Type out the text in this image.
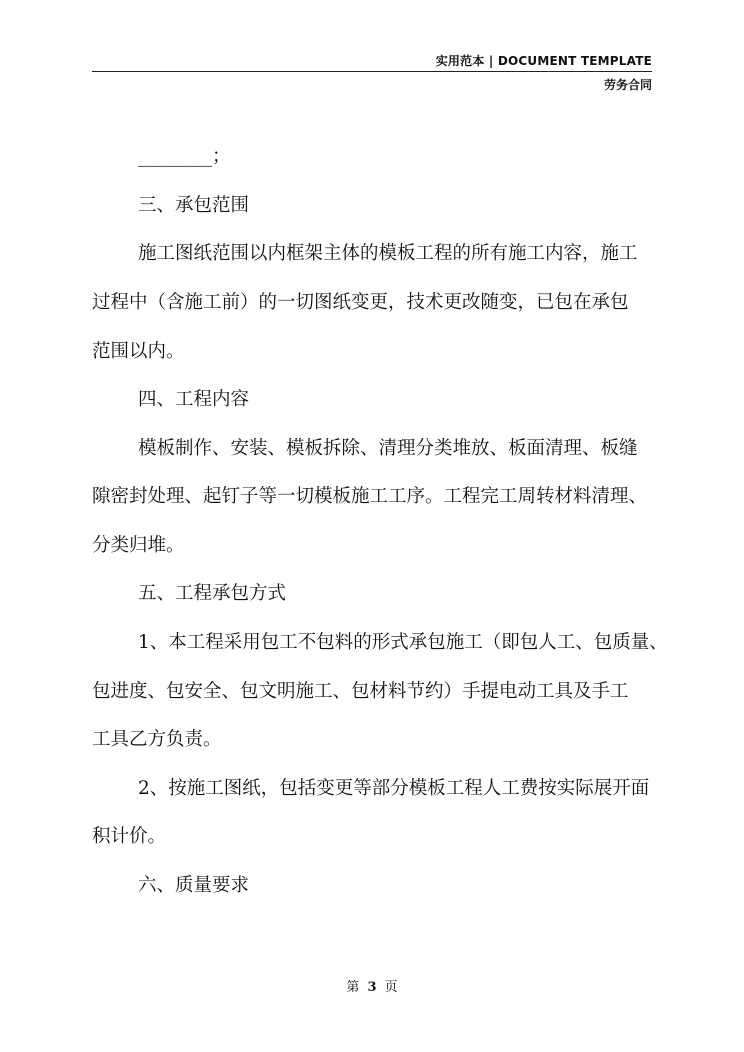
实用范本 | DOCUMENT TEMPLATE
劳务合同
________；
三、承包范围
施工图纸范围以内框架主体的模板工程的所有施工内容，施工
过程中（含施工前）的一切图纸变更，技术更改随变，已包在承包
范围以内。
四、工程内容
模板制作、安装、模板拆除、清理分类堆放、板面清理、板缝
隙密封处理、起钉子等一切模板施工工序。工程完工周转材料清理、
分类归堆。
五、工程承包方式
1、本工程采用包工不包料的形式承包施工（即包人工、包质量、
包进度、包安全、包文明施工、包材料节约）手提电动工具及手工
工具乙方负责。
2、按施工图纸，包括变更等部分模板工程人工费按实际展开面
积计价。
六、质量要求
第 3 页
